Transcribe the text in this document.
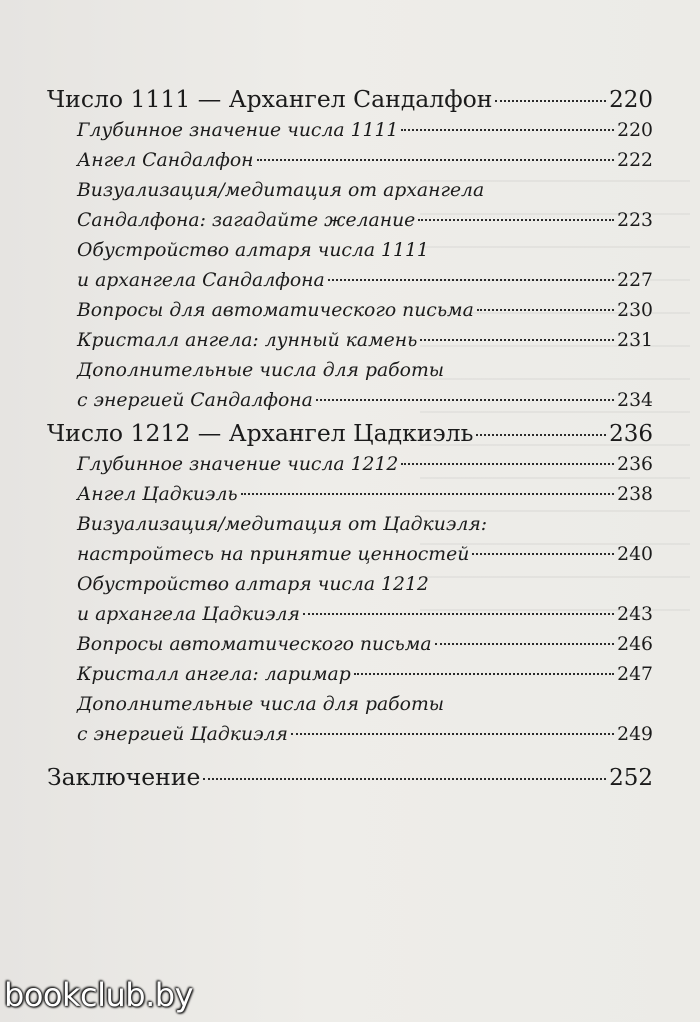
Число 1111 — Архангел Сандалфон	220
Глубинное значение числа 1111	220
Ангел Сандалфон	222
Визуализация/медитация от архангела
Сандалфона: загадайте желание	223
Обустройство алтаря числа 1111
и архангела Сандалфона	227
Вопросы для автоматического письма	230
Кристалл ангела: лунный камень	231
Дополнительные числа для работы
с энергией Сандалфона	234
Число 1212 — Архангел Цадкиэль	236
Глубинное значение числа 1212	236
Ангел Цадкиэль	238
Визуализация/медитация от Цадкиэля:
настройтесь на принятие ценностей	240
Обустройство алтаря числа 1212
и архангела Цадкиэля	243
Вопросы автоматического письма	246
Кристалл ангела: ларимар	247
Дополнительные числа для работы
с энергией Цадкиэля	249
Заключение	252
bookclub.by
